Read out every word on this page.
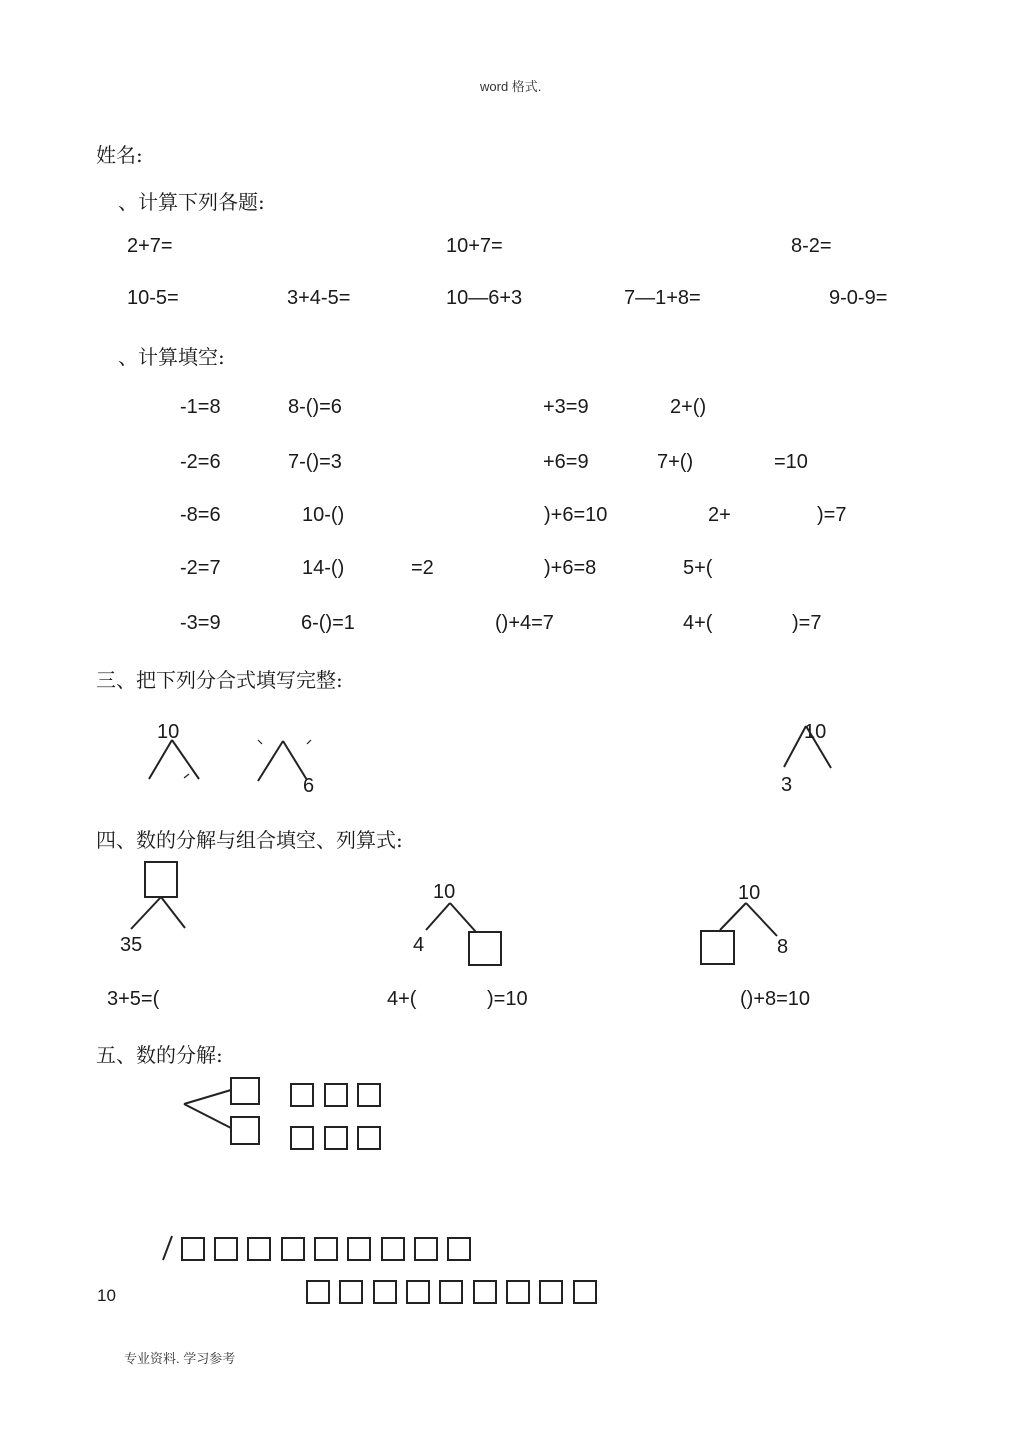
word 格式.
姓名:
、计算下列各题:
2+7=	10+7=	8-2=
10-5=	3+4-5=	10—6+3	7—1+8=	9-0-9=
、计算填空:
-1=8	8-()=6	+3=9	2+()
-2=6	7-()=3	+6=9	7+()	=10
-8=6	10-()	)+6=10	2+	)=7
-2=7	14-()	=2	)+6=8	5+(
-3=9	6-()=1	()+4=7	4+(	)=7
三、把下列分合式填写完整:
10
6
10
3
四、数的分解与组合填空、列算式:
35
10
4
10
8
3+5=(	4+(	)=10	()+8=10
五、数的分解:
10
专业资料. 学习参考
